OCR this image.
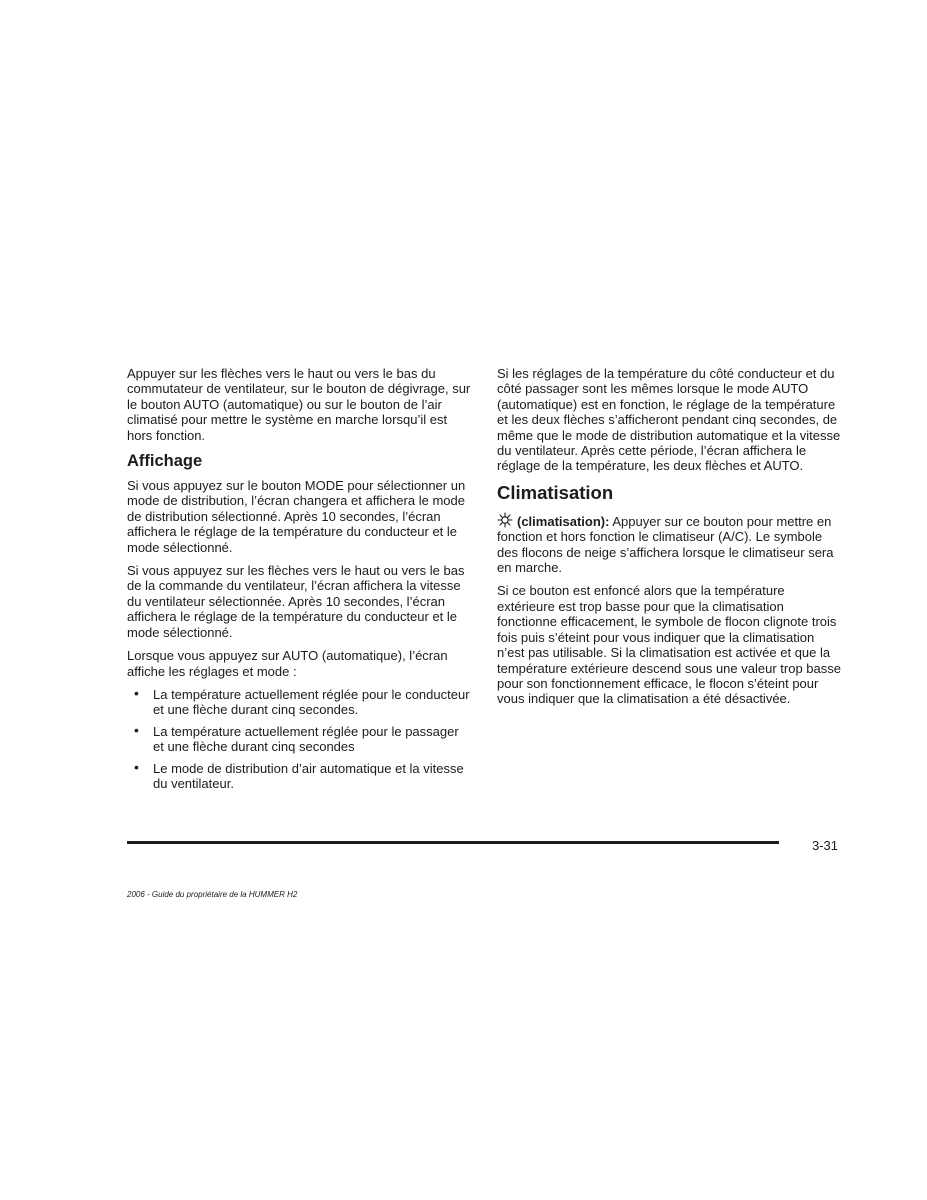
Appuyer sur les flèches vers le haut ou vers le bas du commutateur de ventilateur, sur le bouton de dégivrage, sur le bouton AUTO (automatique) ou sur le bouton de l’air climatisé pour mettre le système en marche lorsqu’il est hors fonction.

Affichage

Si vous appuyez sur le bouton MODE pour sélectionner un mode de distribution, l’écran changera et affichera le mode de distribution sélectionné. Après 10 secondes, l’écran affichera le réglage de la température du conducteur et le mode sélectionné.

Si vous appuyez sur les flèches vers le haut ou vers le bas de la commande du ventilateur, l’écran affichera la vitesse du ventilateur sélectionnée. Après 10 secondes, l’écran affichera le réglage de la température du conducteur et le mode sélectionné.

Lorsque vous appuyez sur AUTO (automatique), l’écran affiche les réglages et mode :

• La température actuellement réglée pour le conducteur et une flèche durant cinq secondes.
• La température actuellement réglée pour le passager et une flèche durant cinq secondes
• Le mode de distribution d’air automatique et la vitesse du ventilateur.

Si les réglages de la température du côté conducteur et du côté passager sont les mêmes lorsque le mode AUTO (automatique) est en fonction, le réglage de la température et les deux flèches s’afficheront pendant cinq secondes, de même que le mode de distribution automatique et la vitesse du ventilateur. Après cette période, l’écran affichera le réglage de la température, les deux flèches et AUTO.

Climatisation

(climatisation): Appuyer sur ce bouton pour mettre en fonction et hors fonction le climatiseur (A/C). Le symbole des flocons de neige s’affichera lorsque le climatiseur sera en marche.

Si ce bouton est enfoncé alors que la température extérieure est trop basse pour que la climatisation fonctionne efficacement, le symbole de flocon clignote trois fois puis s’éteint pour vous indiquer que la climatisation n’est pas utilisable. Si la climatisation est activée et que la température extérieure descend sous une valeur trop basse pour son fonctionnement efficace, le flocon s’éteint pour vous indiquer que la climatisation a été désactivée.

3-31
2006 - Guide du propriétaire de la HUMMER H2
